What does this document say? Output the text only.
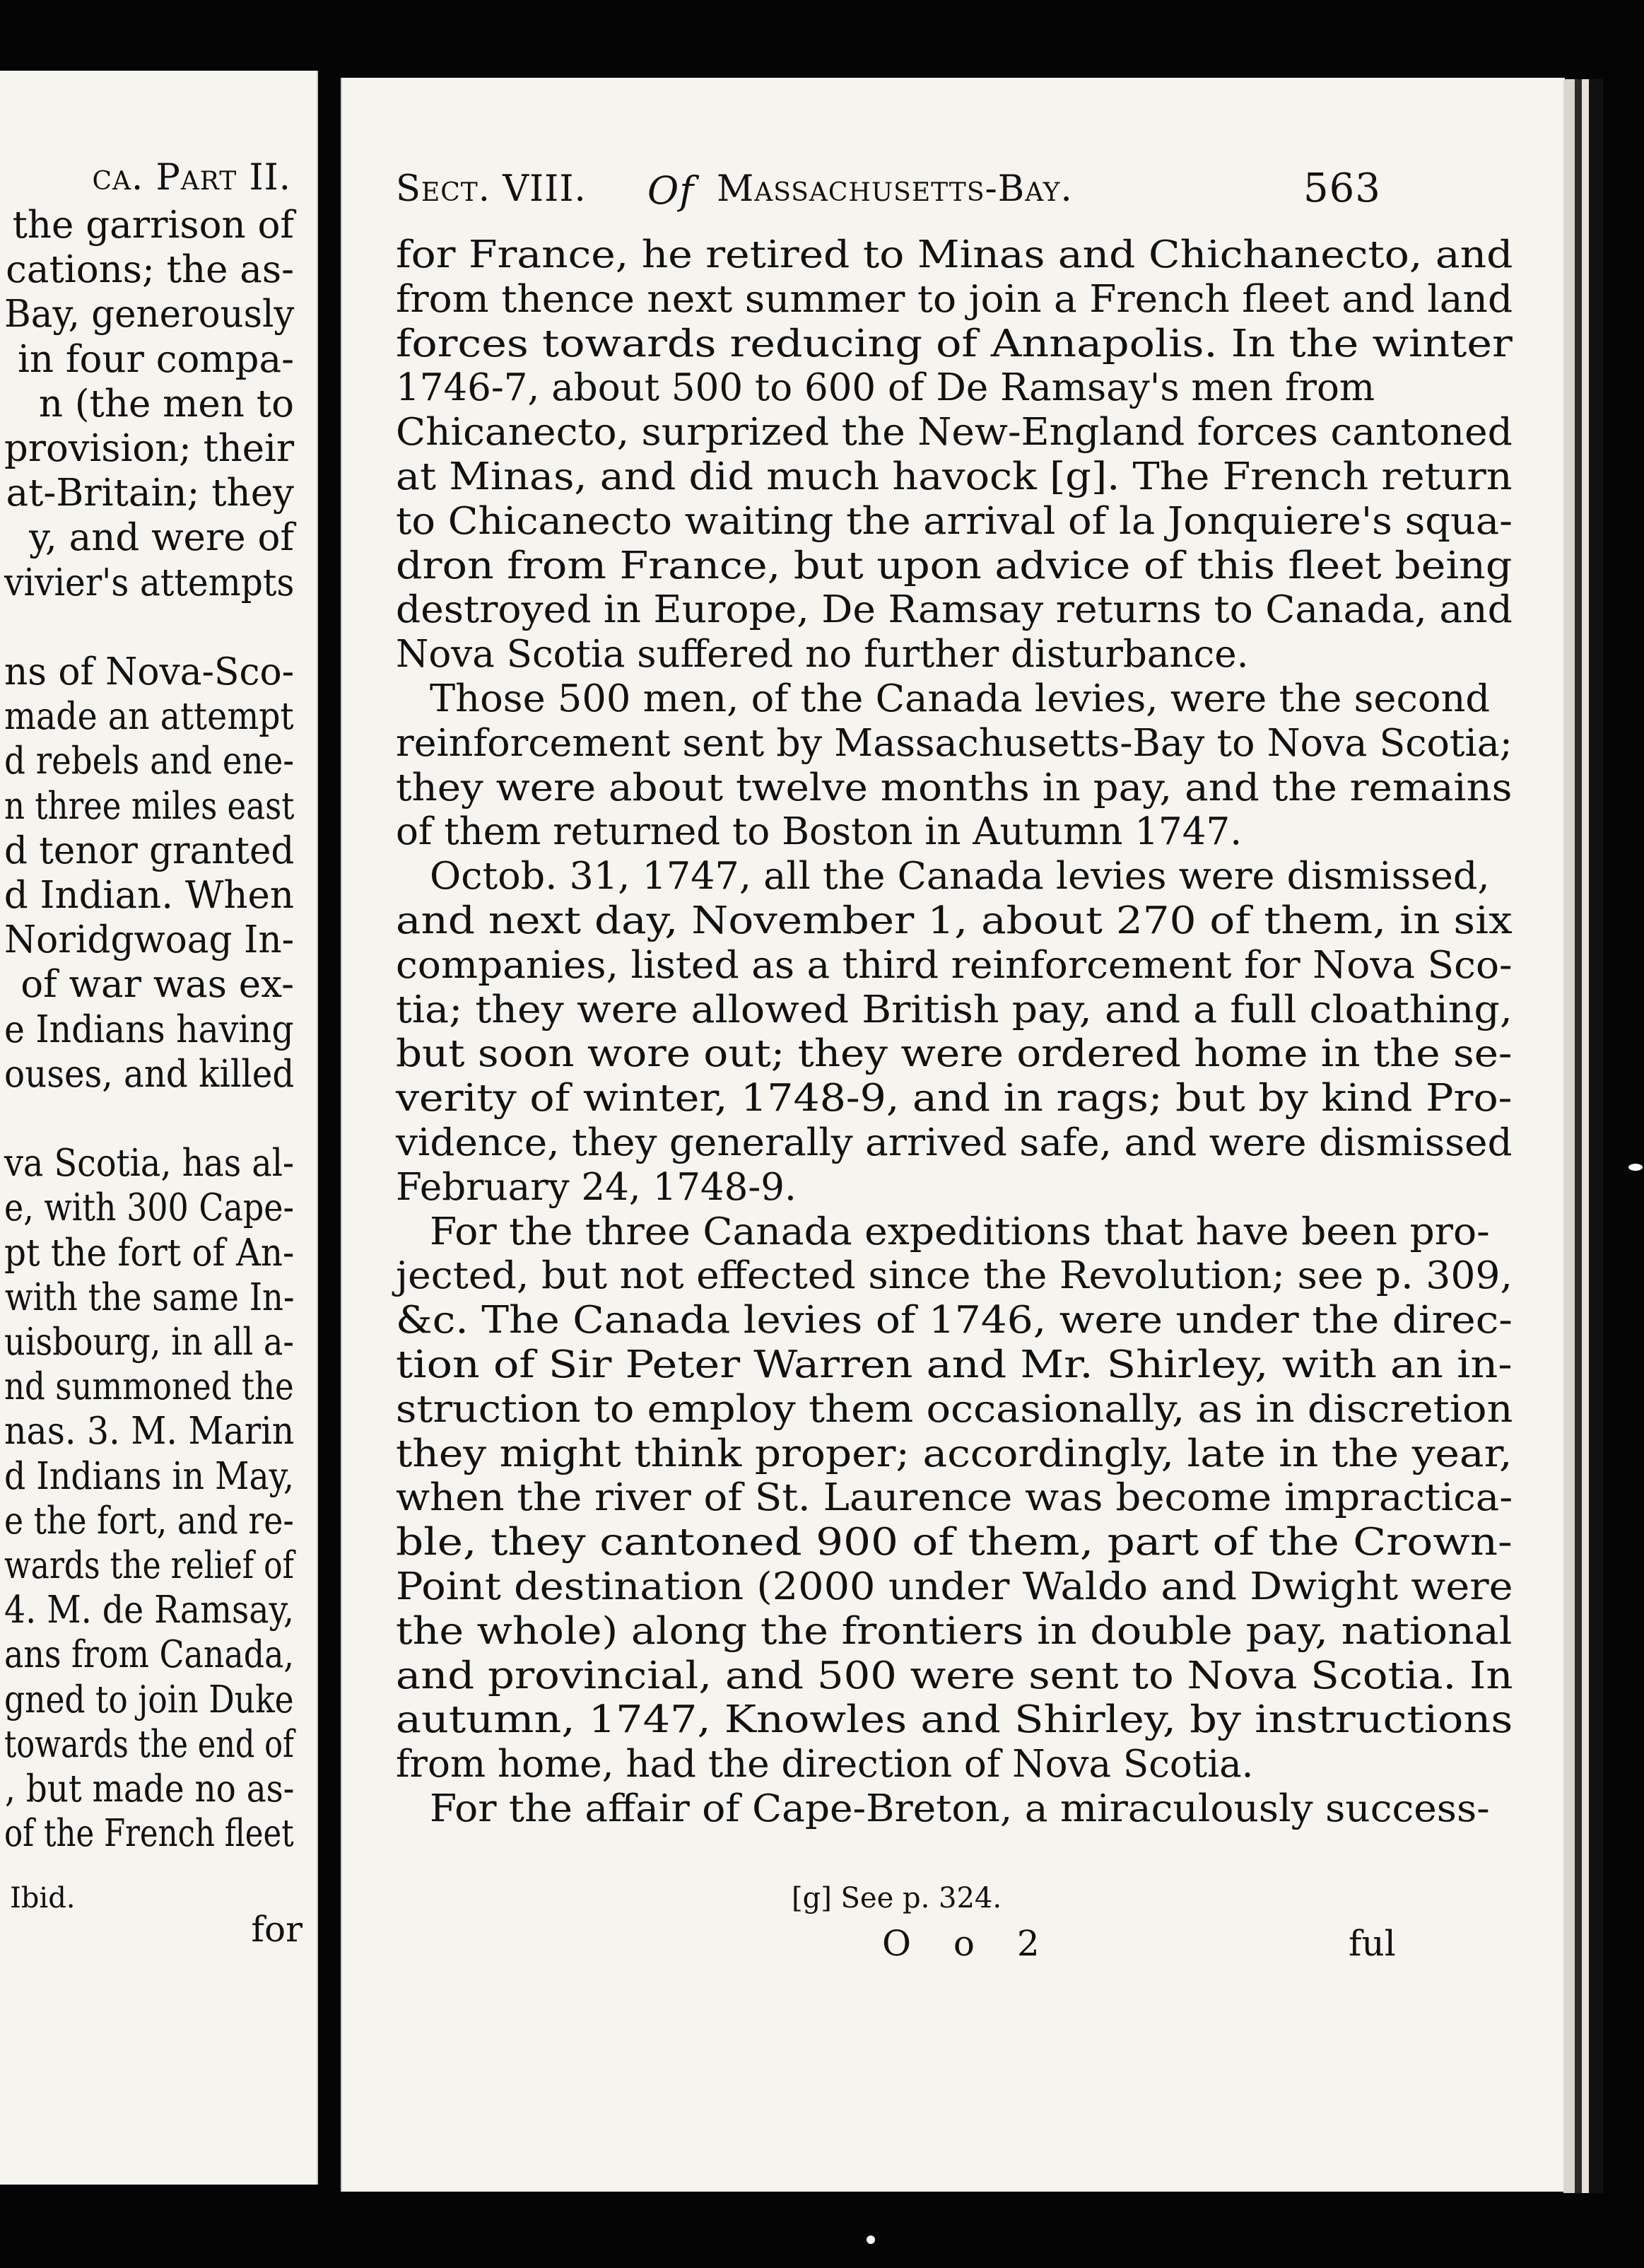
ca. Part II.
the garrison of
cations; the as-
Bay, generously
in four compa-
n (the men to
provision; their
at-Britain; they
y, and were of
vivier's attempts
ns of Nova-Sco-
made an attempt
d rebels and ene-
n three miles east
d tenor granted
d Indian. When
Noridgwoag In-
of war was ex-
e Indians having
ouses, and killed
va Scotia, has al-
e, with 300 Cape-
pt the fort of An-
with the same In-
uisbourg, in all a-
nd summoned the
nas. 3. M. Marin
d Indians in May,
e the fort, and re-
wards the relief of
4. M. de Ramsay,
ans from Canada,
gned to join Duke
towards the end of
, but made no as-
of the French fleet
Ibid.
for
Sect. VIII. Of Massachusetts-Bay.	563
for France, he retired to Minas and Chichanecto, and
from thence next summer to join a French fleet and land
forces towards reducing of Annapolis. In the winter
1746-7, about 500 to 600 of De Ramsay's men from
Chicanecto, surprized the New-England forces cantoned
at Minas, and did much havock [g]. The French return
to Chicanecto waiting the arrival of la Jonquiere's squa-
dron from France, but upon advice of this fleet being
destroyed in Europe, De Ramsay returns to Canada, and
Nova Scotia suffered no further disturbance.
Those 500 men, of the Canada levies, were the second
reinforcement sent by Massachusetts-Bay to Nova Scotia;
they were about twelve months in pay, and the remains
of them returned to Boston in Autumn 1747.
Octob. 31, 1747, all the Canada levies were dismissed,
and next day, November 1, about 270 of them, in six
companies, listed as a third reinforcement for Nova Sco-
tia; they were allowed British pay, and a full cloathing,
but soon wore out; they were ordered home in the se-
verity of winter, 1748-9, and in rags; but by kind Pro-
vidence, they generally arrived safe, and were dismissed
February 24, 1748-9.
For the three Canada expeditions that have been pro-
jected, but not effected since the Revolution; see p. 309,
&c. The Canada levies of 1746, were under the direc-
tion of Sir Peter Warren and Mr. Shirley, with an in-
struction to employ them occasionally, as in discretion
they might think proper; accordingly, late in the year,
when the river of St. Laurence was become impractica-
ble, they cantoned 900 of them, part of the Crown-
Point destination (2000 under Waldo and Dwight were
the whole) along the frontiers in double pay, national
and provincial, and 500 were sent to Nova Scotia. In
autumn, 1747, Knowles and Shirley, by instructions
from home, had the direction of Nova Scotia.
For the affair of Cape-Breton, a miraculously success-
[g] See p. 324.
O o 2	ful
